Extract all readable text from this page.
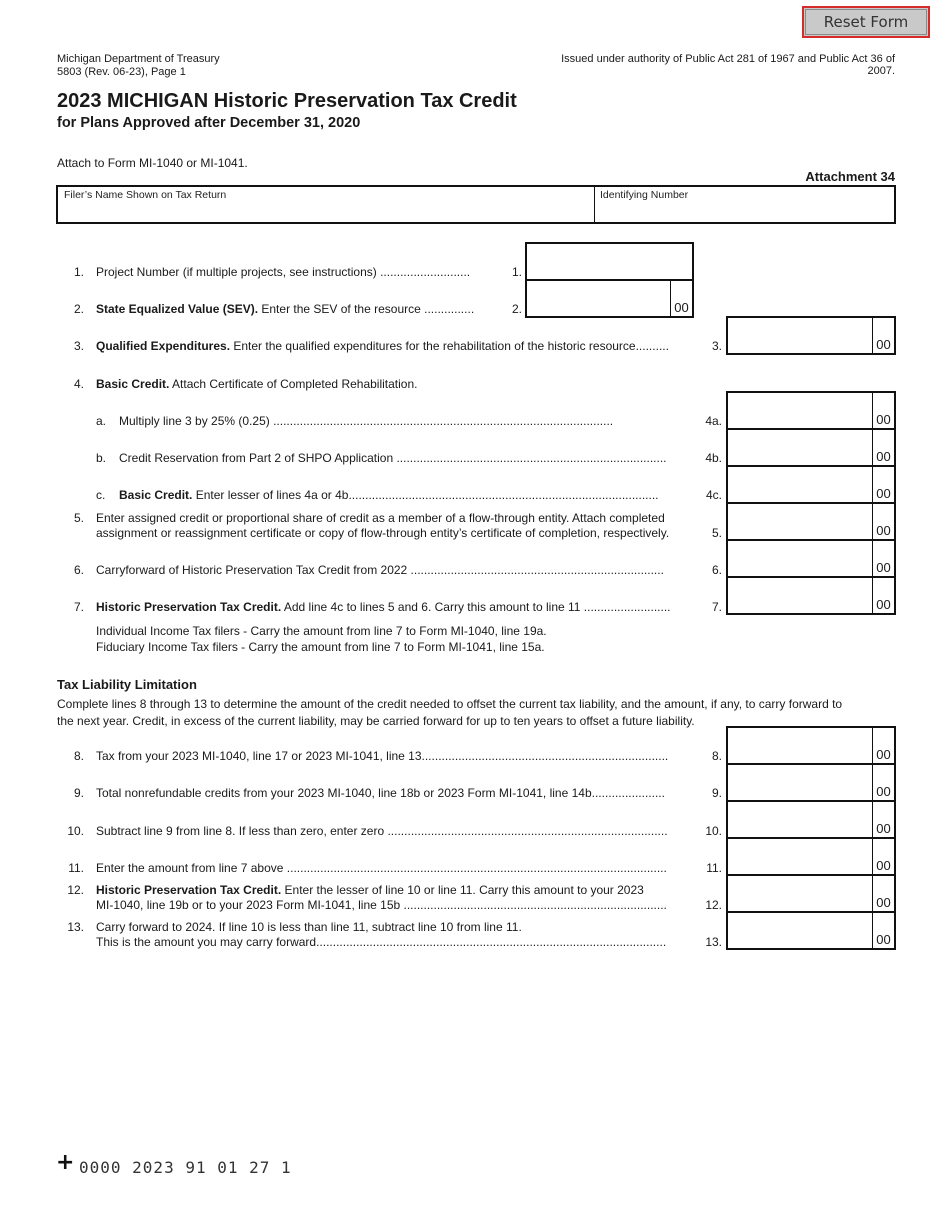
Reset Form
Michigan Department of Treasury
5803 (Rev. 06-23), Page 1
Issued under authority of Public Act 281 of 1967 and Public Act 36 of 2007.
2023 MICHIGAN Historic Preservation Tax Credit
for Plans Approved after December 31, 2020
Attach to Form MI-1040 or MI-1041.
Attachment 34
Filer’s Name Shown on Tax Return	Identifying Number
1. Project Number (if multiple projects, see instructions) ...........................	1.
2. State Equalized Value (SEV). Enter the SEV of the resource ...............	2.	00
3. Qualified Expenditures. Enter the qualified expenditures for the rehabilitation of the historic resource..........	3.	00
4. Basic Credit. Attach Certificate of Completed Rehabilitation.
a. Multiply line 3 by 25% (0.25) ......................................................................................................	4a.	00
b. Credit Reservation from Part 2 of SHPO Application .................................................................................	4b.	00
c. Basic Credit. Enter lesser of lines 4a or 4b.............................................................................................	4c.	00
5. Enter assigned credit or proportional share of credit as a member of a flow-through entity. Attach completed
assignment or reassignment certificate or copy of flow-through entity’s certificate of completion, respectively.	5.	00
6. Carryforward of Historic Preservation Tax Credit from 2022 ............................................................................	6.	00
7. Historic Preservation Tax Credit. Add line 4c to lines 5 and 6. Carry this amount to line 11 ..........................	7.	00
Individual Income Tax filers - Carry the amount from line 7 to Form MI-1040, line 19a.
Fiduciary Income Tax filers - Carry the amount from line 7 to Form MI-1041, line 15a.
Tax Liability Limitation
Complete lines 8 through 13 to determine the amount of the credit needed to offset the current tax liability, and the amount, if any, to carry forward to
the next year. Credit, in excess of the current liability, may be carried forward for up to ten years to offset a future liability.
8. Tax from your 2023 MI-1040, line 17 or 2023 MI-1041, line 13..........................................................................	8.	00
9. Total nonrefundable credits from your 2023 MI-1040, line 18b or 2023 Form MI-1041, line 14b......................	9.	00
10. Subtract line 9 from line 8. If less than zero, enter zero ....................................................................................	10.	00
11. Enter the amount from line 7 above ..................................................................................................................	11.	00
12. Historic Preservation Tax Credit. Enter the lesser of line 10 or line 11. Carry this amount to your 2023
MI-1040, line 19b or to your 2023 Form MI-1041, line 15b ...............................................................................	12.	00
13. Carry forward to 2024. If line 10 is less than line 11, subtract line 10 from line 11.
This is the amount you may carry forward.........................................................................................................	13.	00
+ 0000 2023 91 01 27 1
